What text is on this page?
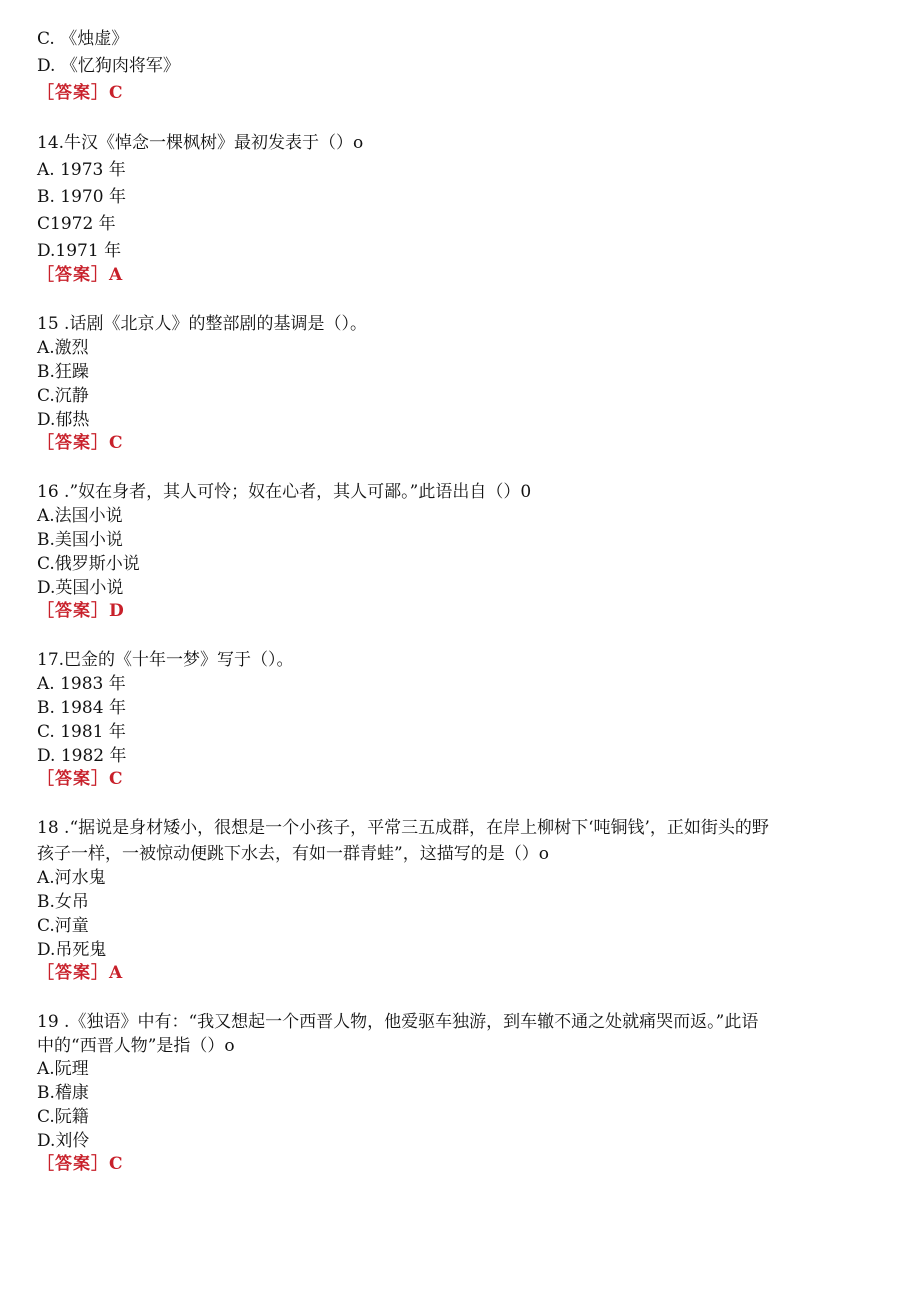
C. 《烛虚》
D. 《忆狗肉将军》
［答案］C
14.牛汉《悼念一棵枫树》最初发表于（）o
A. 1973 年
B. 1970 年
C1972 年
D.1971 年
［答案］A
15 .话剧《北京人》的整部剧的基调是（）。
A.激烈
B.狂躁
C.沉静
D.郁热
［答案］C
16 .”奴在身者，其人可怜；奴在心者，其人可鄙。”此语出自（）0
A.法国小说
B.美国小说
C.俄罗斯小说
D.英国小说
［答案］D
17.巴金的《十年一梦》写于（）。
A. 1983 年
B. 1984 年
C. 1981 年
D. 1982 年
［答案］C
18 .“据说是身材矮小，很想是一个小孩子，平常三五成群，在岸上柳树下‘吨铜钱’，正如街头的野
孩子一样，一被惊动便跳下水去，有如一群青蛙”，这描写的是（）o
A.河水鬼
B.女吊
C.河童
D.吊死鬼
［答案］A
19 .《独语》中有：“我又想起一个西晋人物，他爱驱车独游，到车辙不通之处就痛哭而返。”此语
中的“西晋人物”是指（）o
A.阮理
B.稽康
C.阮籍
D.刘伶
［答案］C
